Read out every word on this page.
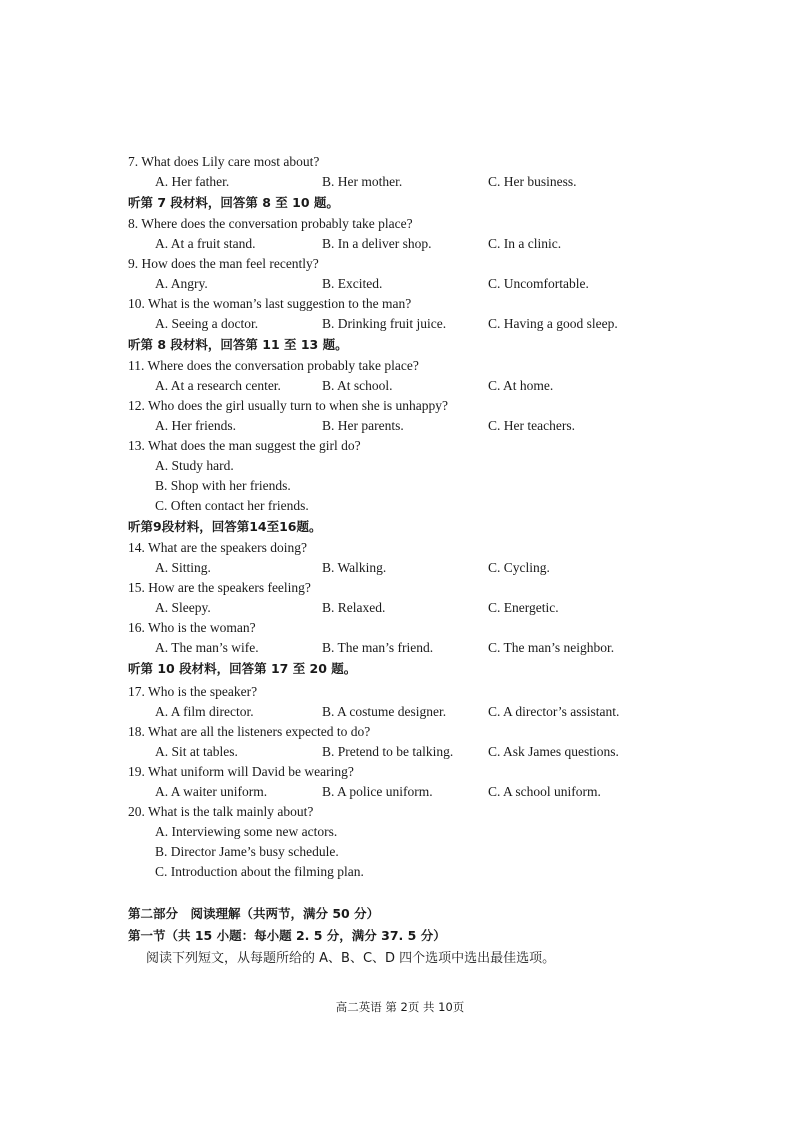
7. What does Lily care most about?
A. Her father.	B. Her mother.	C. Her business.
听第 7 段材料，回答第 8 至 10 题。
8. Where does the conversation probably take place?
A. At a fruit stand.	B. In a deliver shop.	C. In a clinic.
9. How does the man feel recently?
A. Angry.	B. Excited.	C. Uncomfortable.
10. What is the woman’s last suggestion to the man?
A. Seeing a doctor.	B. Drinking fruit juice.	C. Having a good sleep.
听第 8 段材料，回答第 11 至 13 题。
11. Where does the conversation probably take place?
A. At a research center.	B. At school.	C. At home.
12. Who does the girl usually turn to when she is unhappy?
A. Her friends.	B. Her parents.	C. Her teachers.
13. What does the man suggest the girl do?
A. Study hard.
B. Shop with her friends.
C. Often contact her friends.
听第9段材料，回答第14至16题。
14. What are the speakers doing?
A. Sitting.	B. Walking.	C. Cycling.
15. How are the speakers feeling?
A. Sleepy.	B. Relaxed.	C. Energetic.
16. Who is the woman?
A. The man’s wife.	B. The man’s friend.	C. The man’s neighbor.
听第 10 段材料，回答第 17 至 20 题。
17. Who is the speaker?
A. A film director.	B. A costume designer.	C. A director’s assistant.
18. What are all the listeners expected to do?
A. Sit at tables.	B. Pretend to be talking.	C. Ask James questions.
19. What uniform will David be wearing?
A. A waiter uniform.	B. A police uniform.	C. A school uniform.
20. What is the talk mainly about?
A. Interviewing some new actors.
B. Director Jame’s busy schedule.
C. Introduction about the filming plan.
第二部分　阅读理解（共两节，满分 50 分）
第一节（共 15 小题：每小题 2. 5 分，满分 37. 5 分）
阅读下列短文，从每题所给的 A、B、C、D 四个选项中选出最佳选项。
高二英语 第 2页 共 10页
